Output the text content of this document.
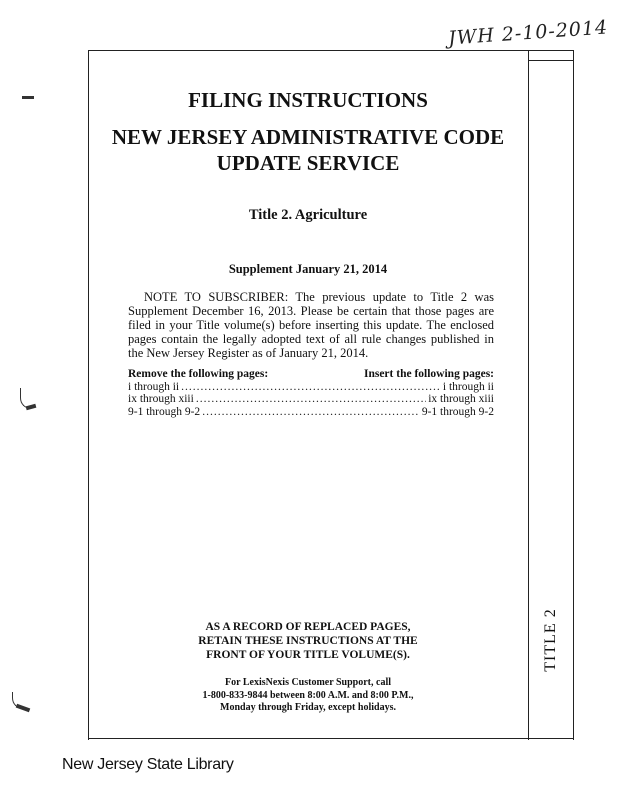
JWH 2-10-2014
FILING INSTRUCTIONS
NEW JERSEY ADMINISTRATIVE CODE
UPDATE SERVICE
Title 2. Agriculture
Supplement January 21, 2014

NOTE TO SUBSCRIBER: The previous update to Title 2 was Supplement December 16, 2013. Please be certain that those pages are filed in your Title volume(s) before inserting this update. The enclosed pages contain the legally adopted text of all rule changes published in the New Jersey Register as of January 21, 2014.

Remove the following pages:	Insert the following pages:
i through ii .....	i through ii
ix through xiii .....	ix through xiii
9-1 through 9-2 .....	9-1 through 9-2
AS A RECORD OF REPLACED PAGES,
RETAIN THESE INSTRUCTIONS AT THE
FRONT OF YOUR TITLE VOLUME(S).
For LexisNexis Customer Support, call
1-800-833-9844 between 8:00 A.M. and 8:00 P.M.,
Monday through Friday, except holidays.
TITLE 2
New Jersey State Library
